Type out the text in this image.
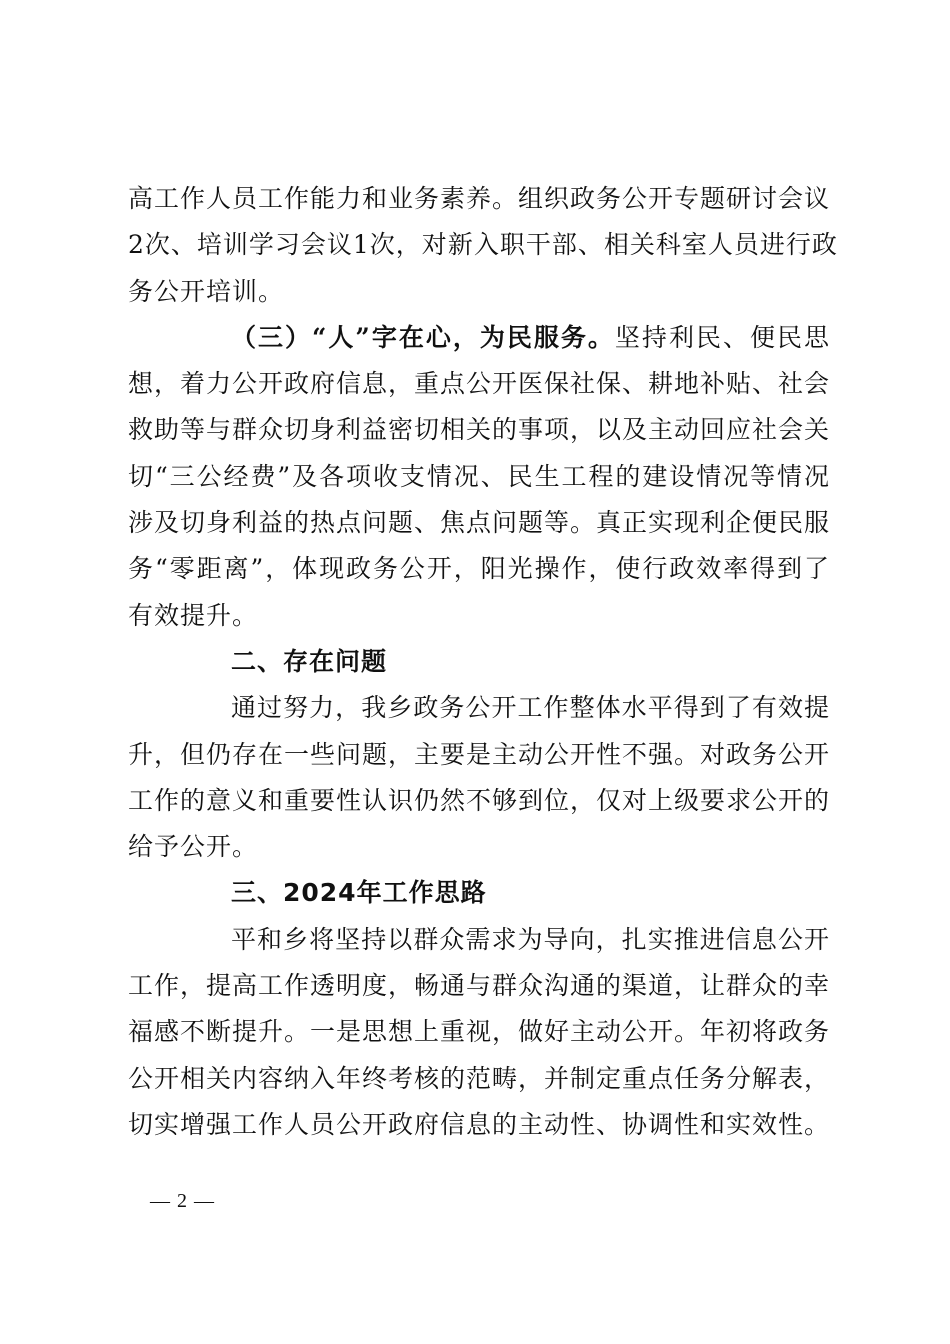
高工作人员工作能力和业务素养。组织政务公开专题研讨会议
2次、培训学习会议1次，对新入职干部、相关科室人员进行政
务公开培训。
（三）“人”字在心，为民服务。坚持利民、便民思
想，着力公开政府信息，重点公开医保社保、耕地补贴、社会
救助等与群众切身利益密切相关的事项，以及主动回应社会关
切“三公经费”及各项收支情况、民生工程的建设情况等情况
涉及切身利益的热点问题、焦点问题等。真正实现利企便民服
务“零距离”，体现政务公开，阳光操作，使行政效率得到了
有效提升。
二、存在问题
通过努力，我乡政务公开工作整体水平得到了有效提
升，但仍存在一些问题，主要是主动公开性不强。对政务公开
工作的意义和重要性认识仍然不够到位，仅对上级要求公开的
给予公开。
三、2024年工作思路
平和乡将坚持以群众需求为导向，扎实推进信息公开
工作，提高工作透明度，畅通与群众沟通的渠道，让群众的幸
福感不断提升。一是思想上重视，做好主动公开。年初将政务
公开相关内容纳入年终考核的范畴，并制定重点任务分解表，
切实增强工作人员公开政府信息的主动性、协调性和实效性。
— 2 —
